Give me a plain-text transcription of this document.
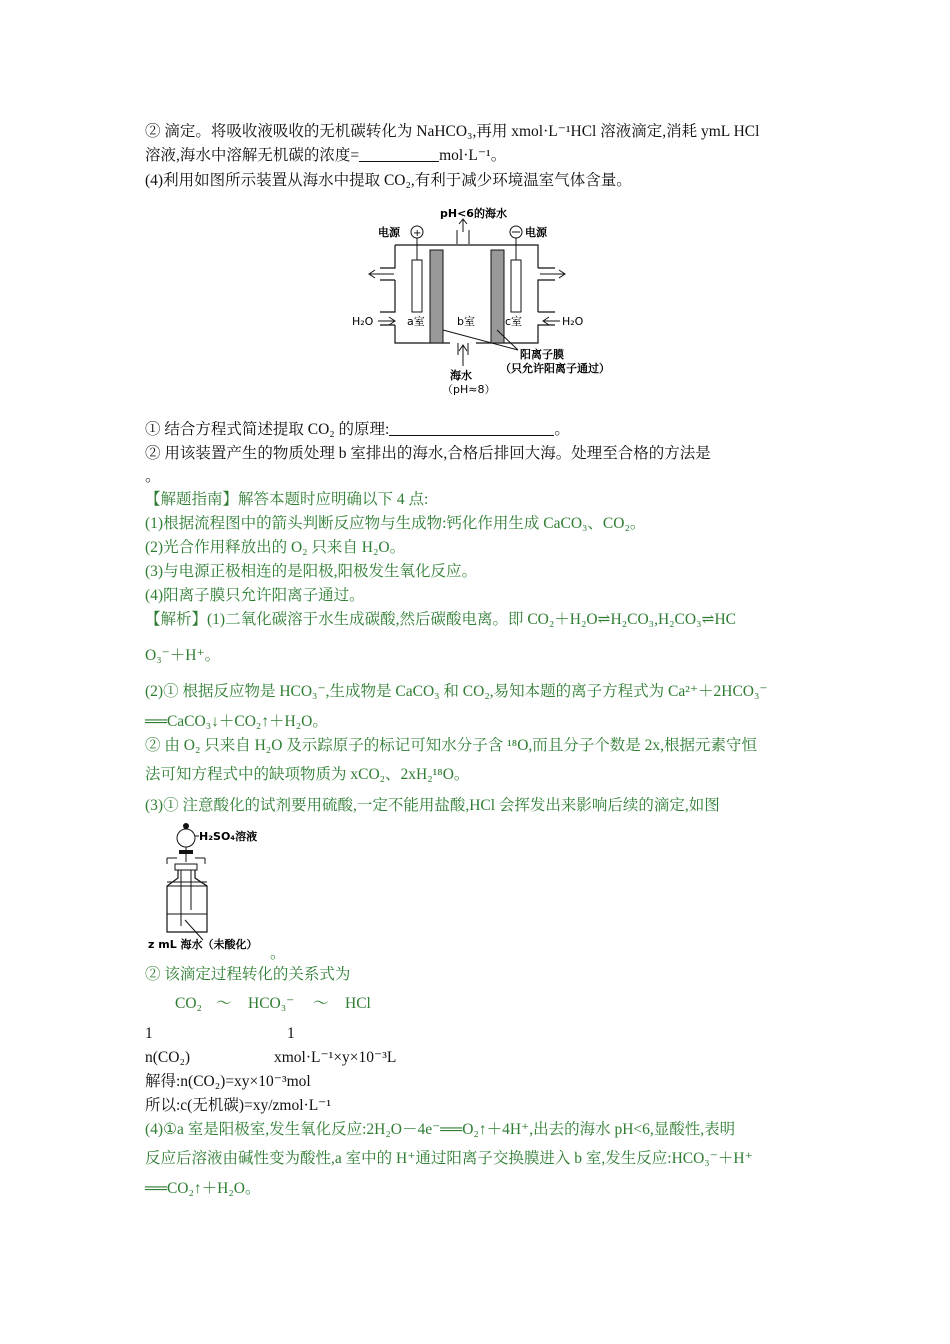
② 滴定。将吸收液吸收的无机碳转化为 NaHCO₃,再用 xmol·L⁻¹HCl 溶液滴定,消耗 ymL HCl
溶液,海水中溶解无机碳的浓度=	mol·L⁻¹。
(4)利用如图所示装置从海水中提取 CO₂,有利于减少环境温室气体含量。
pH<6的海水
电源 +	电源
a室	b室	c室
H₂O	H₂O
阳离子膜
（只允许阳离子通过）
海水
（pH≈8）
① 结合方程式简述提取 CO₂ 的原理:	。
② 用该装置产生的物质处理 b 室排出的海水,合格后排回大海。处理至合格的方法是
。
【解题指南】解答本题时应明确以下 4 点:
(1)根据流程图中的箭头判断反应物与生成物:钙化作用生成 CaCO₃、CO₂。
(2)光合作用释放出的 O₂ 只来自 H₂O。
(3)与电源正极相连的是阳极,阳极发生氧化反应。
(4)阳离子膜只允许阳离子通过。
【解析】(1)二氧化碳溶于水生成碳酸,然后碳酸电离。即 CO₂＋H₂O⇌H₂CO₃,H₂CO₃⇌HC
O₃⁻＋H⁺。
(2)① 根据反应物是 HCO₃⁻,生成物是 CaCO₃ 和 CO₂,易知本题的离子方程式为 Ca²⁺＋2HCO₃⁻
══CaCO₃↓＋CO₂↑＋H₂O。
② 由 O₂ 只来自 H₂O 及示踪原子的标记可知水分子含 ¹⁸O,而且分子个数是 2x,根据元素守恒
法可知方程式中的缺项物质为 xCO₂、2xH₂¹⁸O。
(3)① 注意酸化的试剂要用硫酸,一定不能用盐酸,HCl 会挥发出来影响后续的滴定,如图
H₂SO₄溶液
z mL 海水（未酸化）
。
② 该滴定过程转化的关系式为
CO₂ ～ HCO₃⁻	～ HCl
1	1
n(CO₂)	xmol·L⁻¹×y×10⁻³L
解得:n(CO₂)=xy×10⁻³mol
所以:c(无机碳)=xy/zmol·L⁻¹
(4)①a 室是阳极室,发生氧化反应:2H₂O－4e⁻══O₂↑＋4H⁺,出去的海水 pH<6,显酸性,表明
反应后溶液由碱性变为酸性,a 室中的 H⁺通过阳离子交换膜进入 b 室,发生反应:HCO₃⁻＋H⁺
══CO₂↑＋H₂O。
